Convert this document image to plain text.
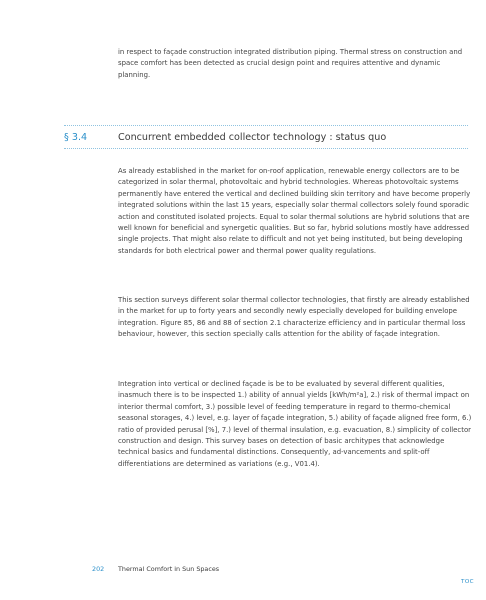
in respect to façade construction integrated distribution piping. Thermal stress on construction and space comfort has been detected as crucial design point and requires attentive and dynamic planning.

§ 3.4	Concurrent embedded collector technology : status quo

As already established in the market for on-roof application, renewable energy collectors are to be categorized in solar thermal, photovoltaic and hybrid technologies. Whereas photovoltaic systems permanently have entered the vertical and declined building skin territory and have become properly integrated solutions within the last 15 years, especially solar thermal collectors solely found sporadic action and constituted isolated projects. Equal to solar thermal solutions are hybrid solutions that are well known for beneficial and synergetic qualities. But so far, hybrid solutions mostly have addressed single projects. That might also relate to difficult and not yet being instituted, but being developing standards for both electrical power and thermal power quality regulations.

This section surveys different solar thermal collector technologies, that firstly are already established in the market for up to forty years and secondly newly especially developed for building envelope integration. Figure 85, 86 and 88 of section 2.1 characterize efficiency and in particular thermal loss behaviour, however, this section specially calls attention for the ability of façade integration.

Integration into vertical or declined façade is be to be evaluated by several different qualities, inasmuch there is to be inspected 1.) ability of annual yields [kWh/m²a], 2.) risk of thermal impact on interior thermal comfort, 3.) possible level of feeding temperature in regard to thermo-chemical seasonal storages, 4.) level, e.g. layer of façade integration, 5.) ability of façade aligned free form, 6.) ratio of provided perusal [%], 7.) level of thermal insulation, e.g. evacuation, 8.) simplicity of collector construction and design. This survey bases on detection of basic architypes that acknowledge technical basics and fundamental distinctions. Consequently, ad-vancements and split-off differentiations are determined as variations (e.g., V01.4).

202 Thermal Comfort in Sun Spaces
TOC
